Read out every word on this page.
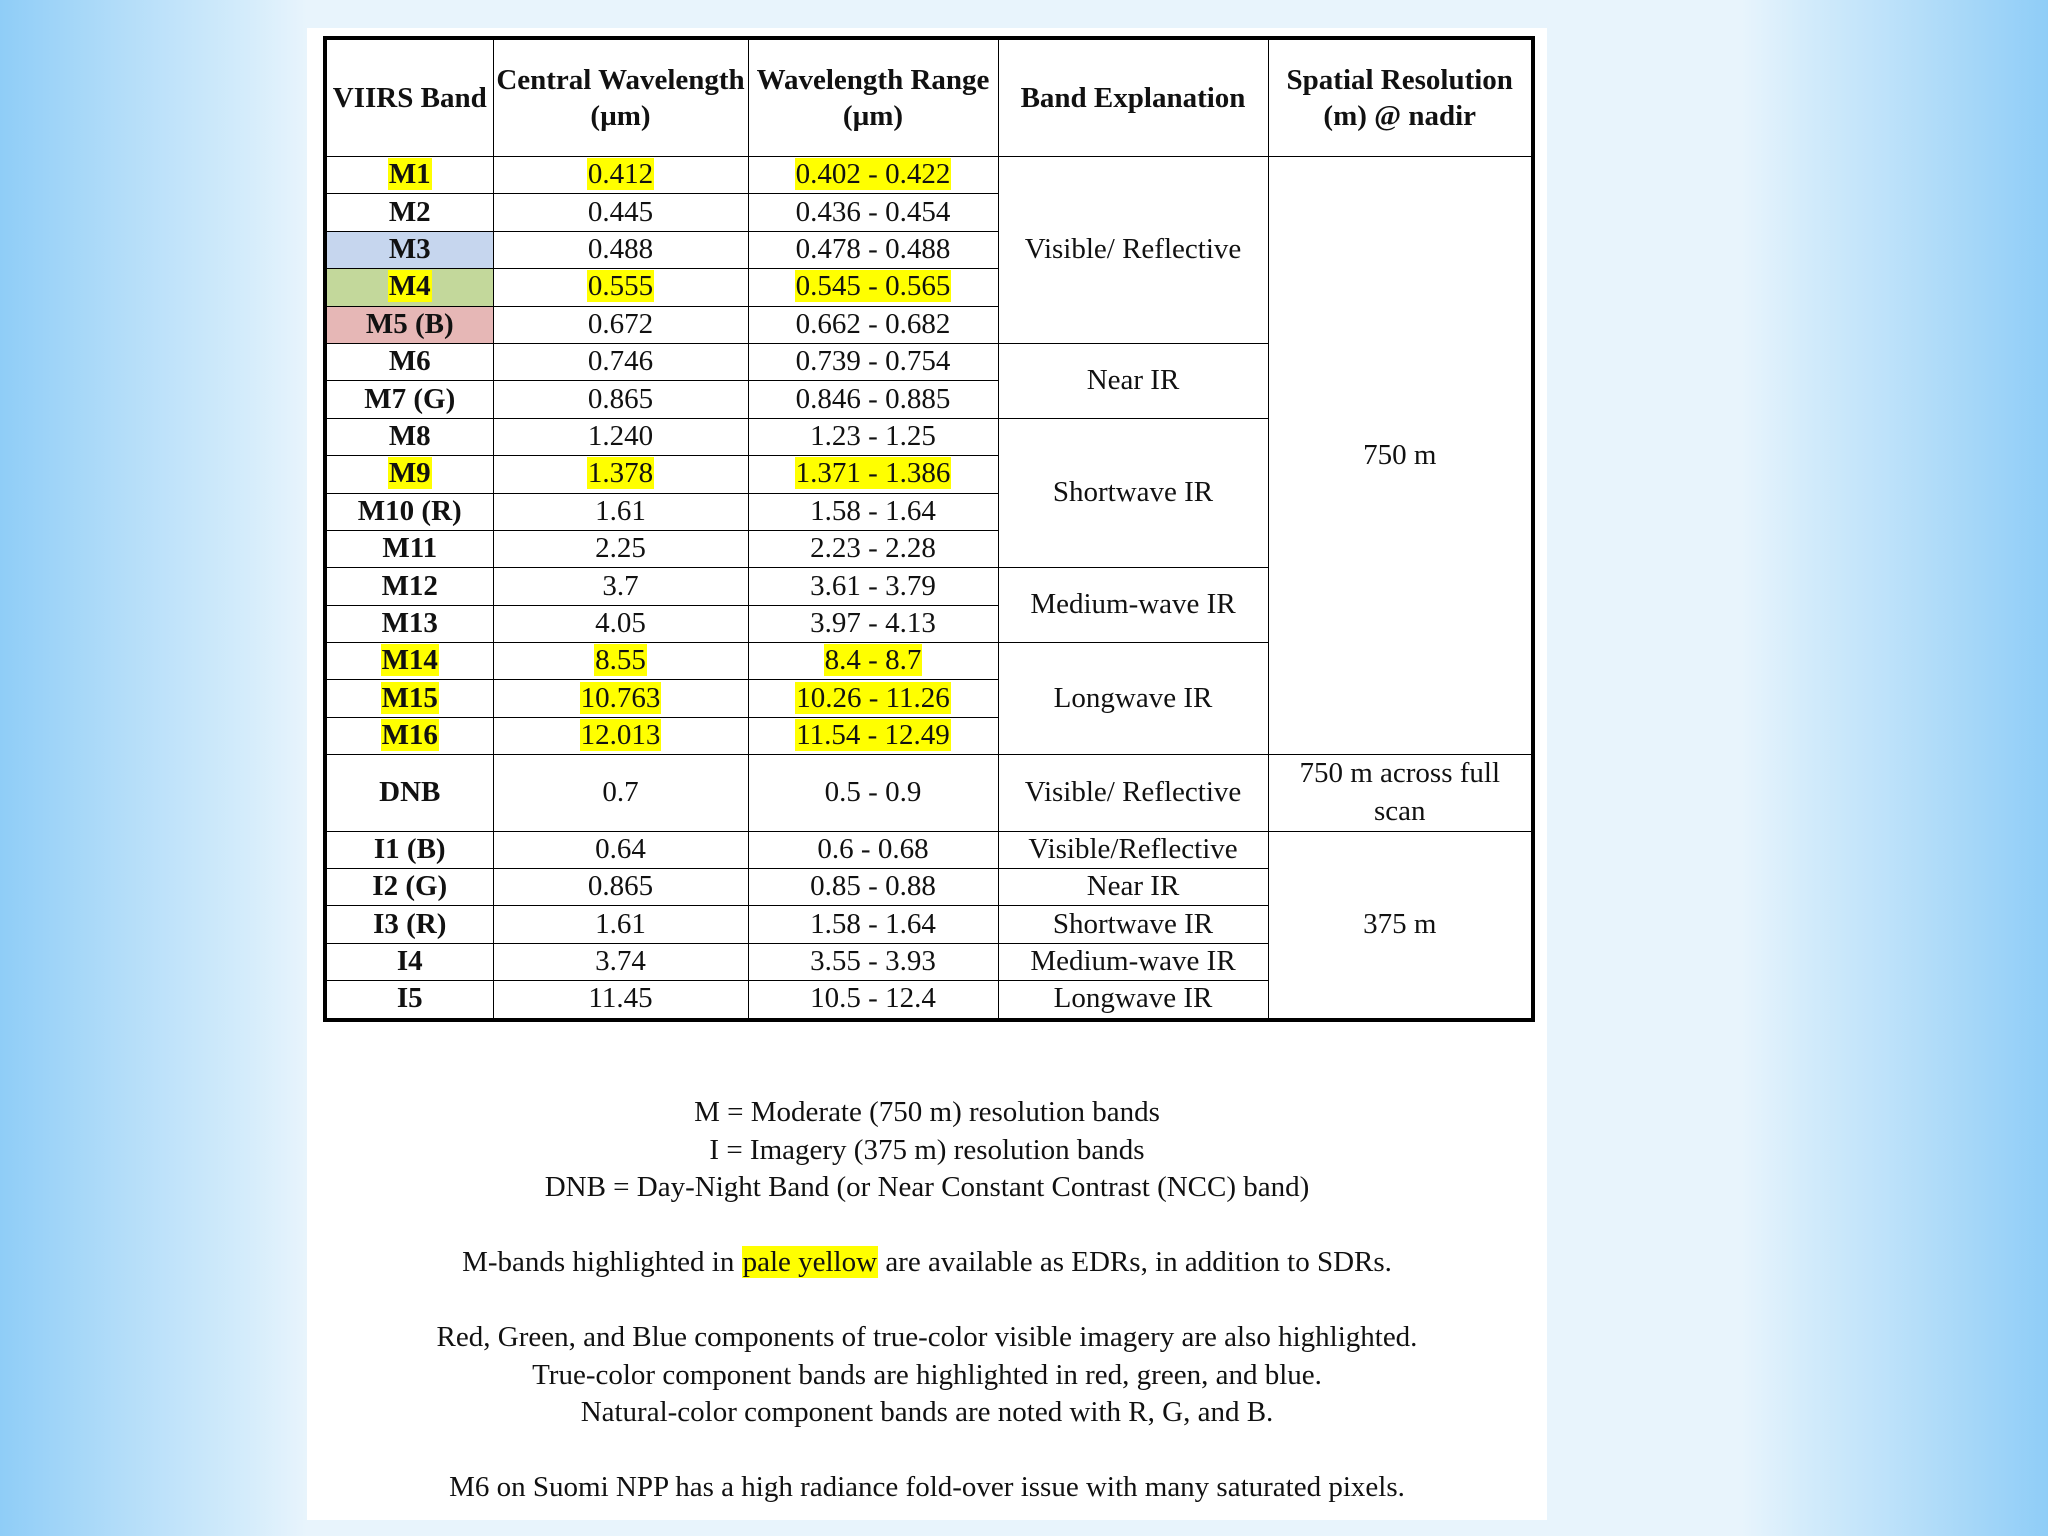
VIIRS Band	Central Wavelength (µm)	Wavelength Range (µm)	Band Explanation	Spatial Resolution (m) @ nadir
M1	0.412	0.402 - 0.422	Visible/ Reflective	750 m
M2	0.445	0.436 - 0.454		
M3	0.488	0.478 - 0.488		
M4	0.555	0.545 - 0.565		
M5 (B)	0.672	0.662 - 0.682		
M6	0.746	0.739 - 0.754	Near IR	
M7 (G)	0.865	0.846 - 0.885		
M8	1.240	1.23 - 1.25	Shortwave IR	
M9	1.378	1.371 - 1.386		
M10 (R)	1.61	1.58 - 1.64		
M11	2.25	2.23 - 2.28		
M12	3.7	3.61 - 3.79	Medium-wave IR	
M13	4.05	3.97 - 4.13		
M14	8.55	8.4 - 8.7	Longwave IR	
M15	10.763	10.26 - 11.26		
M16	12.013	11.54 - 12.49		
DNB	0.7	0.5 - 0.9	Visible/ Reflective	750 m across full scan
I1 (B)	0.64	0.6 - 0.68	Visible/Reflective	375 m
I2 (G)	0.865	0.85 - 0.88	Near IR	
I3 (R)	1.61	1.58 - 1.64	Shortwave IR	
I4	3.74	3.55 - 3.93	Medium-wave IR	
I5	11.45	10.5 - 12.4	Longwave IR	

M = Moderate (750 m) resolution bands

I = Imagery (375 m) resolution bands

DNB = Day-Night Band (or Near Constant Contrast (NCC) band)

M-bands highlighted in pale yellow are available as EDRs, in addition to SDRs.

Red, Green, and Blue components of true-color visible imagery are also highlighted.

True-color component bands are highlighted in red, green, and blue.

Natural-color component bands are noted with R, G, and B.

M6 on Suomi NPP has a high radiance fold-over issue with many saturated pixels.
